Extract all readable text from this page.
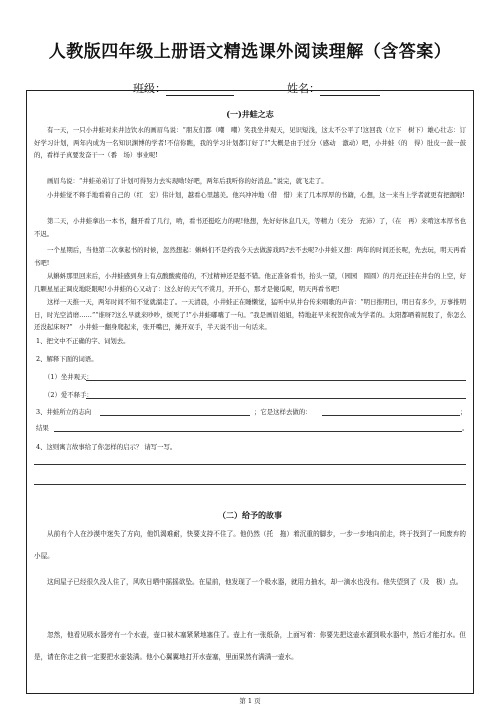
人教版四年级上册语文精选课外阅读理解（含答案）
班级：	姓名：
(一)井蛙之志

有一天，一只小井蛙对来井边饮水的画眉鸟说：“朋友们都（嘲　嘲）笑我坐井观天，见识短浅，这太不公平了!这回我（立下　树下）雄心壮志：订好学习计划，两年内成为一名知识渊博的学者!不信你瞧，我的学习计划都订好了!”大概是由于过分（感动　激动）吧，小井蛙（的　得）肚皮一鼓一鼓的，看样子真要发奋干一（番　场）事业呢!

画眉鸟说：“井蛙弟弟订了计划可得努力去实现呦!好吧，两年后我听你的好消息。”说完，就飞走了。

小井蛙觉不释手地看着自己的（红　宏）伟计划，越看心里越美。他兴冲冲地（借　惜）来了几本厚厚的书籍，心想，这一来当上学者就更有把握啦!

第二天，小井蛙拿出一本书，翻开看了几行，哟，看书还挺吃力的呢!他想，先好好休息几天，等精力（充分　充沛）了，（在　再）来啃这本厚书也不迟。

一个星期后，当他第二次拿起书的时候，忽然想起：蝌蚪们不是约我今天去做游戏吗?去不去呢?小井蛙又想：两年的时间还长呢，先去玩，明天再看书吧!

从蝌蚪那里回来后，小井蛙感到身上有点酸酸疲倦的，不过精神还是挺不错。他正准备看书，抬头一望，（园园　圆圆）的月亮正挂在井台的上空，好几颗星星正调皮地眨眼呢!小井蛙的心又动了：这么好的天气不赏月，开开心，那才是傻瓜呢，明天再看书吧!

这样一天推一天，两年时间不知不觉就溜走了。一天清晨，小井蛙正在睡懒觉，猛听中从井台传来唱歌的声音：“明日推明日，明日有多少，万事推明日，时光空消磨……”“谁呀?这么早就来吵吵，烦死了!”小井蛙嘟囔了一句。“我是画眉姐姐，特地赶早来祝贺你成为学者的。太阳都晒着屁股了，你怎么还没起床呀?”　小井蛙一翻身爬起来，张开嘴巴，摊开双手，半天说不出一句话来。

1、把文中不正确的字、词划去。
2、解释下面的词语。
（1）坐井观天：
（2）爱不释手：
3、井蛙所立的志向	；它是这样去做的：	；
结果	。
4、这则寓言故事给了你怎样的启示？ 请写一写。
（二）给予的故事

从前有个人在沙漠中迷失了方向，他饥渴难耐，快要支持不住了。他仍然（托　拖）着沉重的脚步，一步一步地向前走，终于找到了一间废弃的小屋。

这间屋子已经很久没人住了，风吹日晒中摇摇欲坠。在屋前，他发现了一个吸水器，就用力抽水，却一滴水也没有。他失望到了（及　极）点。

忽然，他看见吸水器旁有一个水壶，壶口被木塞紧紧地塞住了。壶上有一张纸条，上面写着：你要先把这壶水灌到吸水器中，然后才能打水。但是，请在你走之前一定要把水壶装满。他小心翼翼地打开水壶塞，里面果然有满满一壶水。

第 1 页
